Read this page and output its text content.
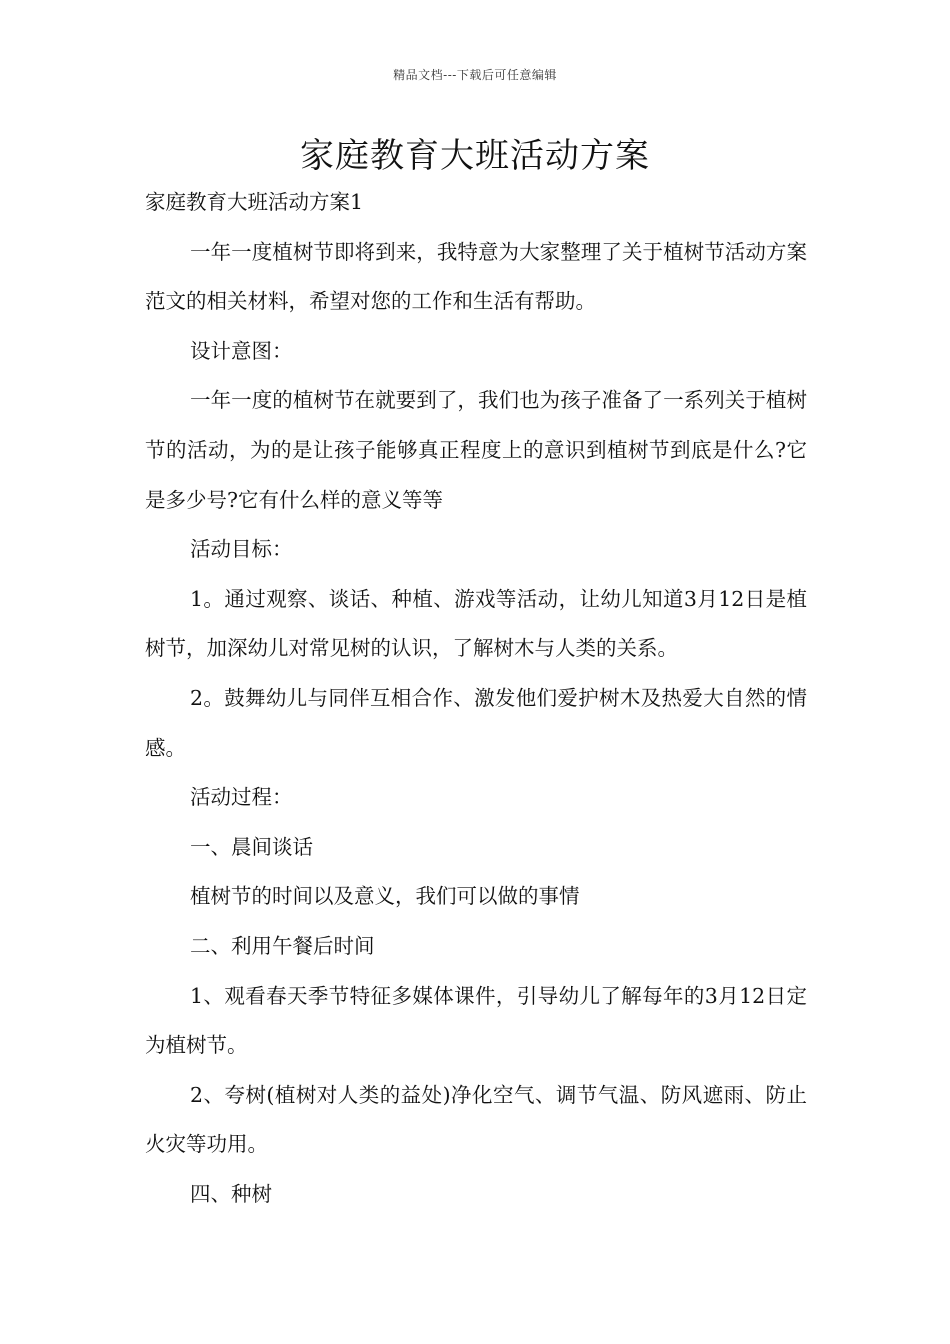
精品文档---下载后可任意编辑
家庭教育大班活动方案

家庭教育大班活动方案1

一年一度植树节即将到来，我特意为大家整理了关于植树节活动方案范文的相关材料，希望对您的工作和生活有帮助。

设计意图：

一年一度的植树节在就要到了，我们也为孩子准备了一系列关于植树节的活动，为的是让孩子能够真正程度上的意识到植树节到底是什么?它是多少号?它有什么样的意义等等

活动目标：

1。通过观察、谈话、种植、游戏等活动，让幼儿知道3月12日是植树节，加深幼儿对常见树的认识，了解树木与人类的关系。

2。鼓舞幼儿与同伴互相合作、激发他们爱护树木及热爱大自然的情感。

活动过程：

一、晨间谈话

植树节的时间以及意义，我们可以做的事情

二、利用午餐后时间

1、观看春天季节特征多媒体课件，引导幼儿了解每年的3月12日定为植树节。

2、夸树(植树对人类的益处)净化空气、调节气温、防风遮雨、防止火灾等功用。

四、种树
